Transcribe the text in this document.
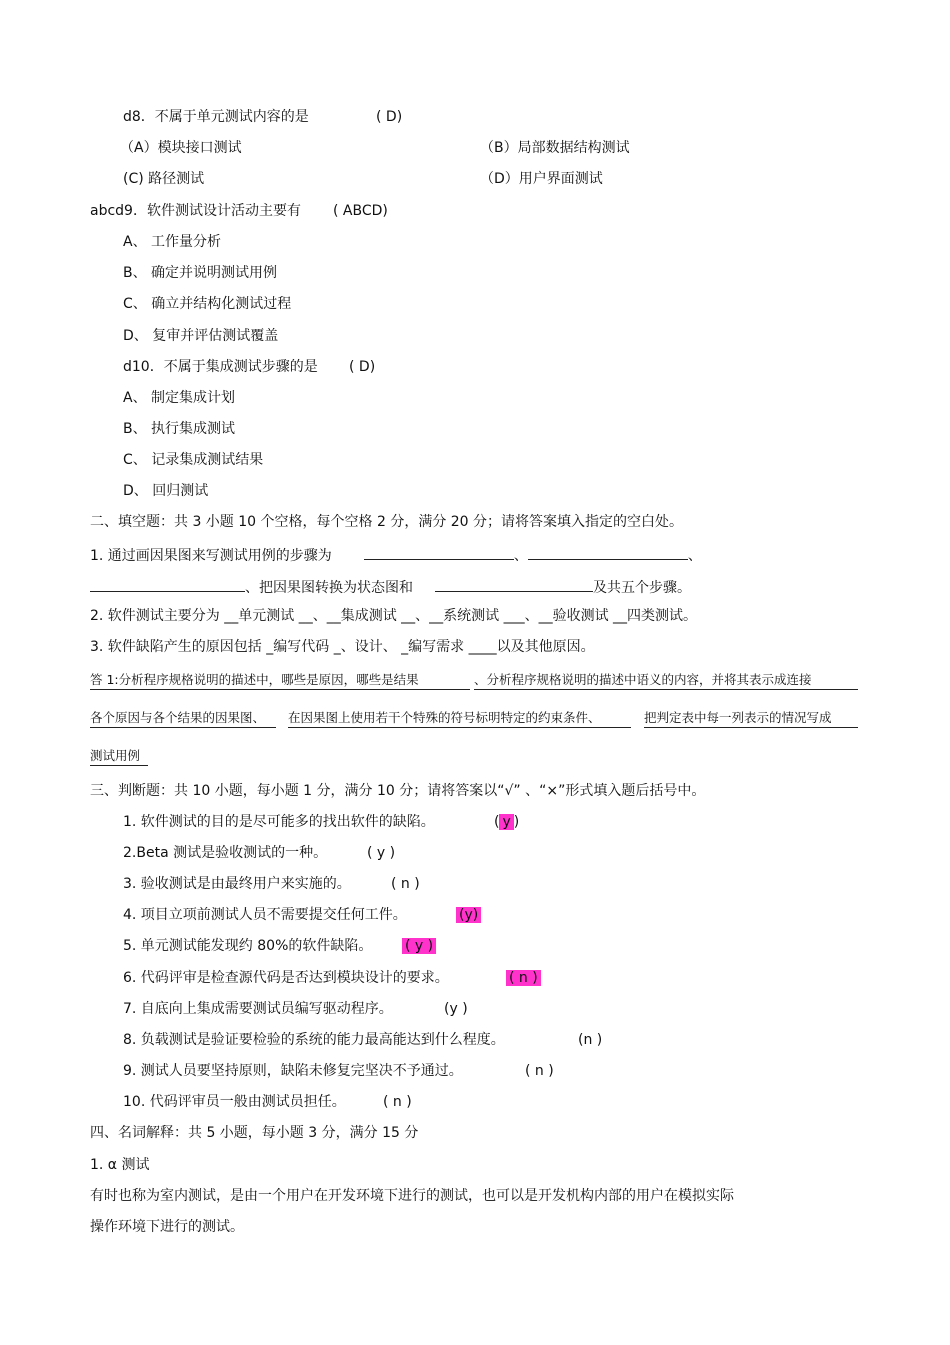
d8．不属于单元测试内容的是	( D)
（A）模块接口测试	（B）局部数据结构测试
(C) 路径测试	（D）用户界面测试
abcd9．软件测试设计活动主要有 ( ABCD)
A、 工作量分析
B、 确定并说明测试用例
C、 确立并结构化测试过程
D、 复审并评估测试覆盖
d10．不属于集成测试步骤的是 ( D)
A、 制定集成计划
B、 执行集成测试
C、 记录集成测试结果
D、 回归测试
二、填空题：共 3 小题 10 个空格，每个空格 2 分，满分 20 分；请将答案填入指定的空白处。
1. 通过画因果图来写测试用例的步骤为	、	、
、把因果图转换为状态图和	及共五个步骤。
2. 软件测试主要分为 __单元测试 __、__集成测试 __、__系统测试 ___、__验收测试 __四类测试。
3. 软件缺陷产生的原因包括 _编写代码 _、设计、 _编写需求 ____以及其他原因。
答 1:分析程序规格说明的描述中，哪些是原因，哪些是结果	、分析程序规格说明的描述中语义的内容，并将其表示成连接
各个原因与各个结果的因果图、	在因果图上使用若干个特殊的符号标明特定的约束条件、	把判定表中每一列表示的情况写成
测试用例
三、判断题：共 10 小题，每小题 1 分，满分 10 分；请将答案以“√” 、“×”形式填入题后括号中。
1. 软件测试的目的是尽可能多的找出软件的缺陷。	( y )
2.Beta 测试是验收测试的一种。	( y )
3. 验收测试是由最终用户来实施的。	( n )
4. 项目立项前测试人员不需要提交任何工件。	(y)
5. 单元测试能发现约 80%的软件缺陷。 ( y )
6. 代码评审是检查源代码是否达到模块设计的要求。	( n )
7. 自底向上集成需要测试员编写驱动程序。	(y )
8. 负载测试是验证要检验的系统的能力最高能达到什么程度。	(n )
9. 测试人员要坚持原则，缺陷未修复完坚决不予通过。	( n )
10. 代码评审员一般由测试员担任。	( n )
四、名词解释：共 5 小题，每小题 3 分，满分 15 分
1. α 测试
有时也称为室内测试，是由一个用户在开发环境下进行的测试，也可以是开发机构内部的用户在模拟实际
操作环境下进行的测试。
